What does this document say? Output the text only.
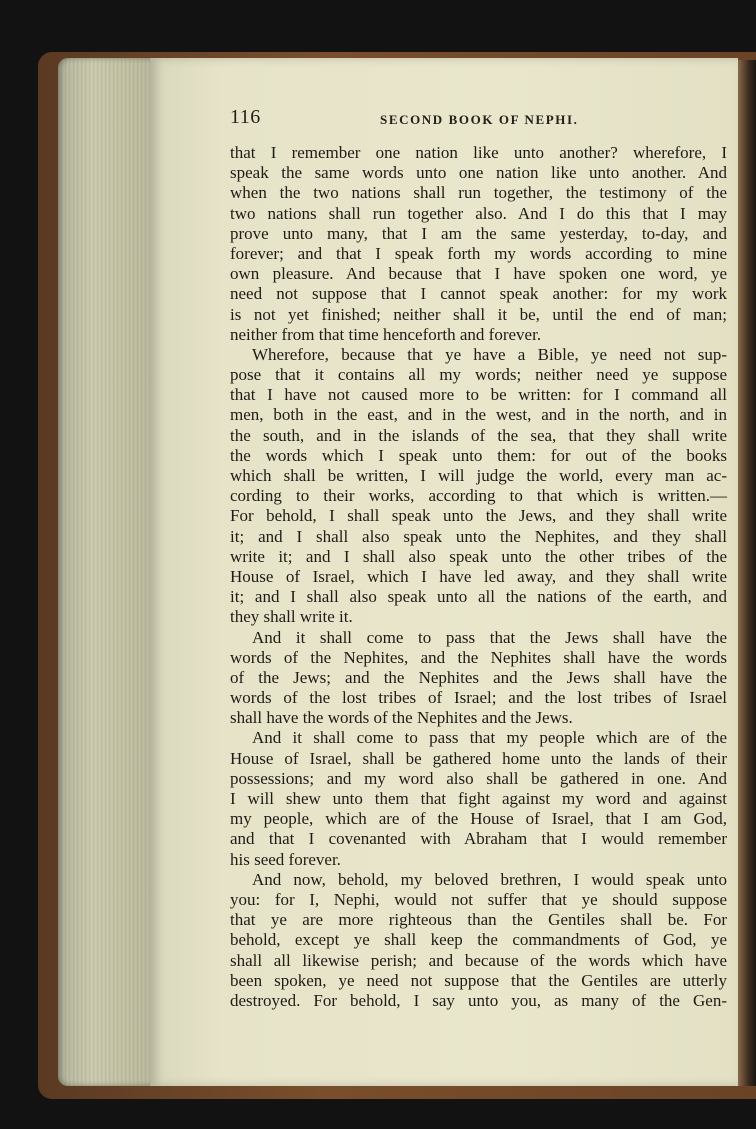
116	SECOND BOOK OF NEPHI.
that I remember one nation like unto another? wherefore, I
speak the same words unto one nation like unto another. And
when the two nations shall run together, the testimony of the
two nations shall run together also. And I do this that I may
prove unto many, that I am the same yesterday, to-day, and
forever; and that I speak forth my words according to mine
own pleasure. And because that I have spoken one word, ye
need not suppose that I cannot speak another: for my work
is not yet finished; neither shall it be, until the end of man;
neither from that time henceforth and forever.
Wherefore, because that ye have a Bible, ye need not sup-
pose that it contains all my words; neither need ye suppose
that I have not caused more to be written: for I command all
men, both in the east, and in the west, and in the north, and in
the south, and in the islands of the sea, that they shall write
the words which I speak unto them: for out of the books
which shall be written, I will judge the world, every man ac-
cording to their works, according to that which is written.—
For behold, I shall speak unto the Jews, and they shall write
it; and I shall also speak unto the Nephites, and they shall
write it; and I shall also speak unto the other tribes of the
House of Israel, which I have led away, and they shall write
it; and I shall also speak unto all the nations of the earth, and
they shall write it.
And it shall come to pass that the Jews shall have the
words of the Nephites, and the Nephites shall have the words
of the Jews; and the Nephites and the Jews shall have the
words of the lost tribes of Israel; and the lost tribes of Israel
shall have the words of the Nephites and the Jews.
And it shall come to pass that my people which are of the
House of Israel, shall be gathered home unto the lands of their
possessions; and my word also shall be gathered in one. And
I will shew unto them that fight against my word and against
my people, which are of the House of Israel, that I am God,
and that I covenanted with Abraham that I would remember
his seed forever.
And now, behold, my beloved brethren, I would speak unto
you: for I, Nephi, would not suffer that ye should suppose
that ye are more righteous than the Gentiles shall be. For
behold, except ye shall keep the commandments of God, ye
shall all likewise perish; and because of the words which have
been spoken, ye need not suppose that the Gentiles are utterly
destroyed. For behold, I say unto you, as many of the Gen-
